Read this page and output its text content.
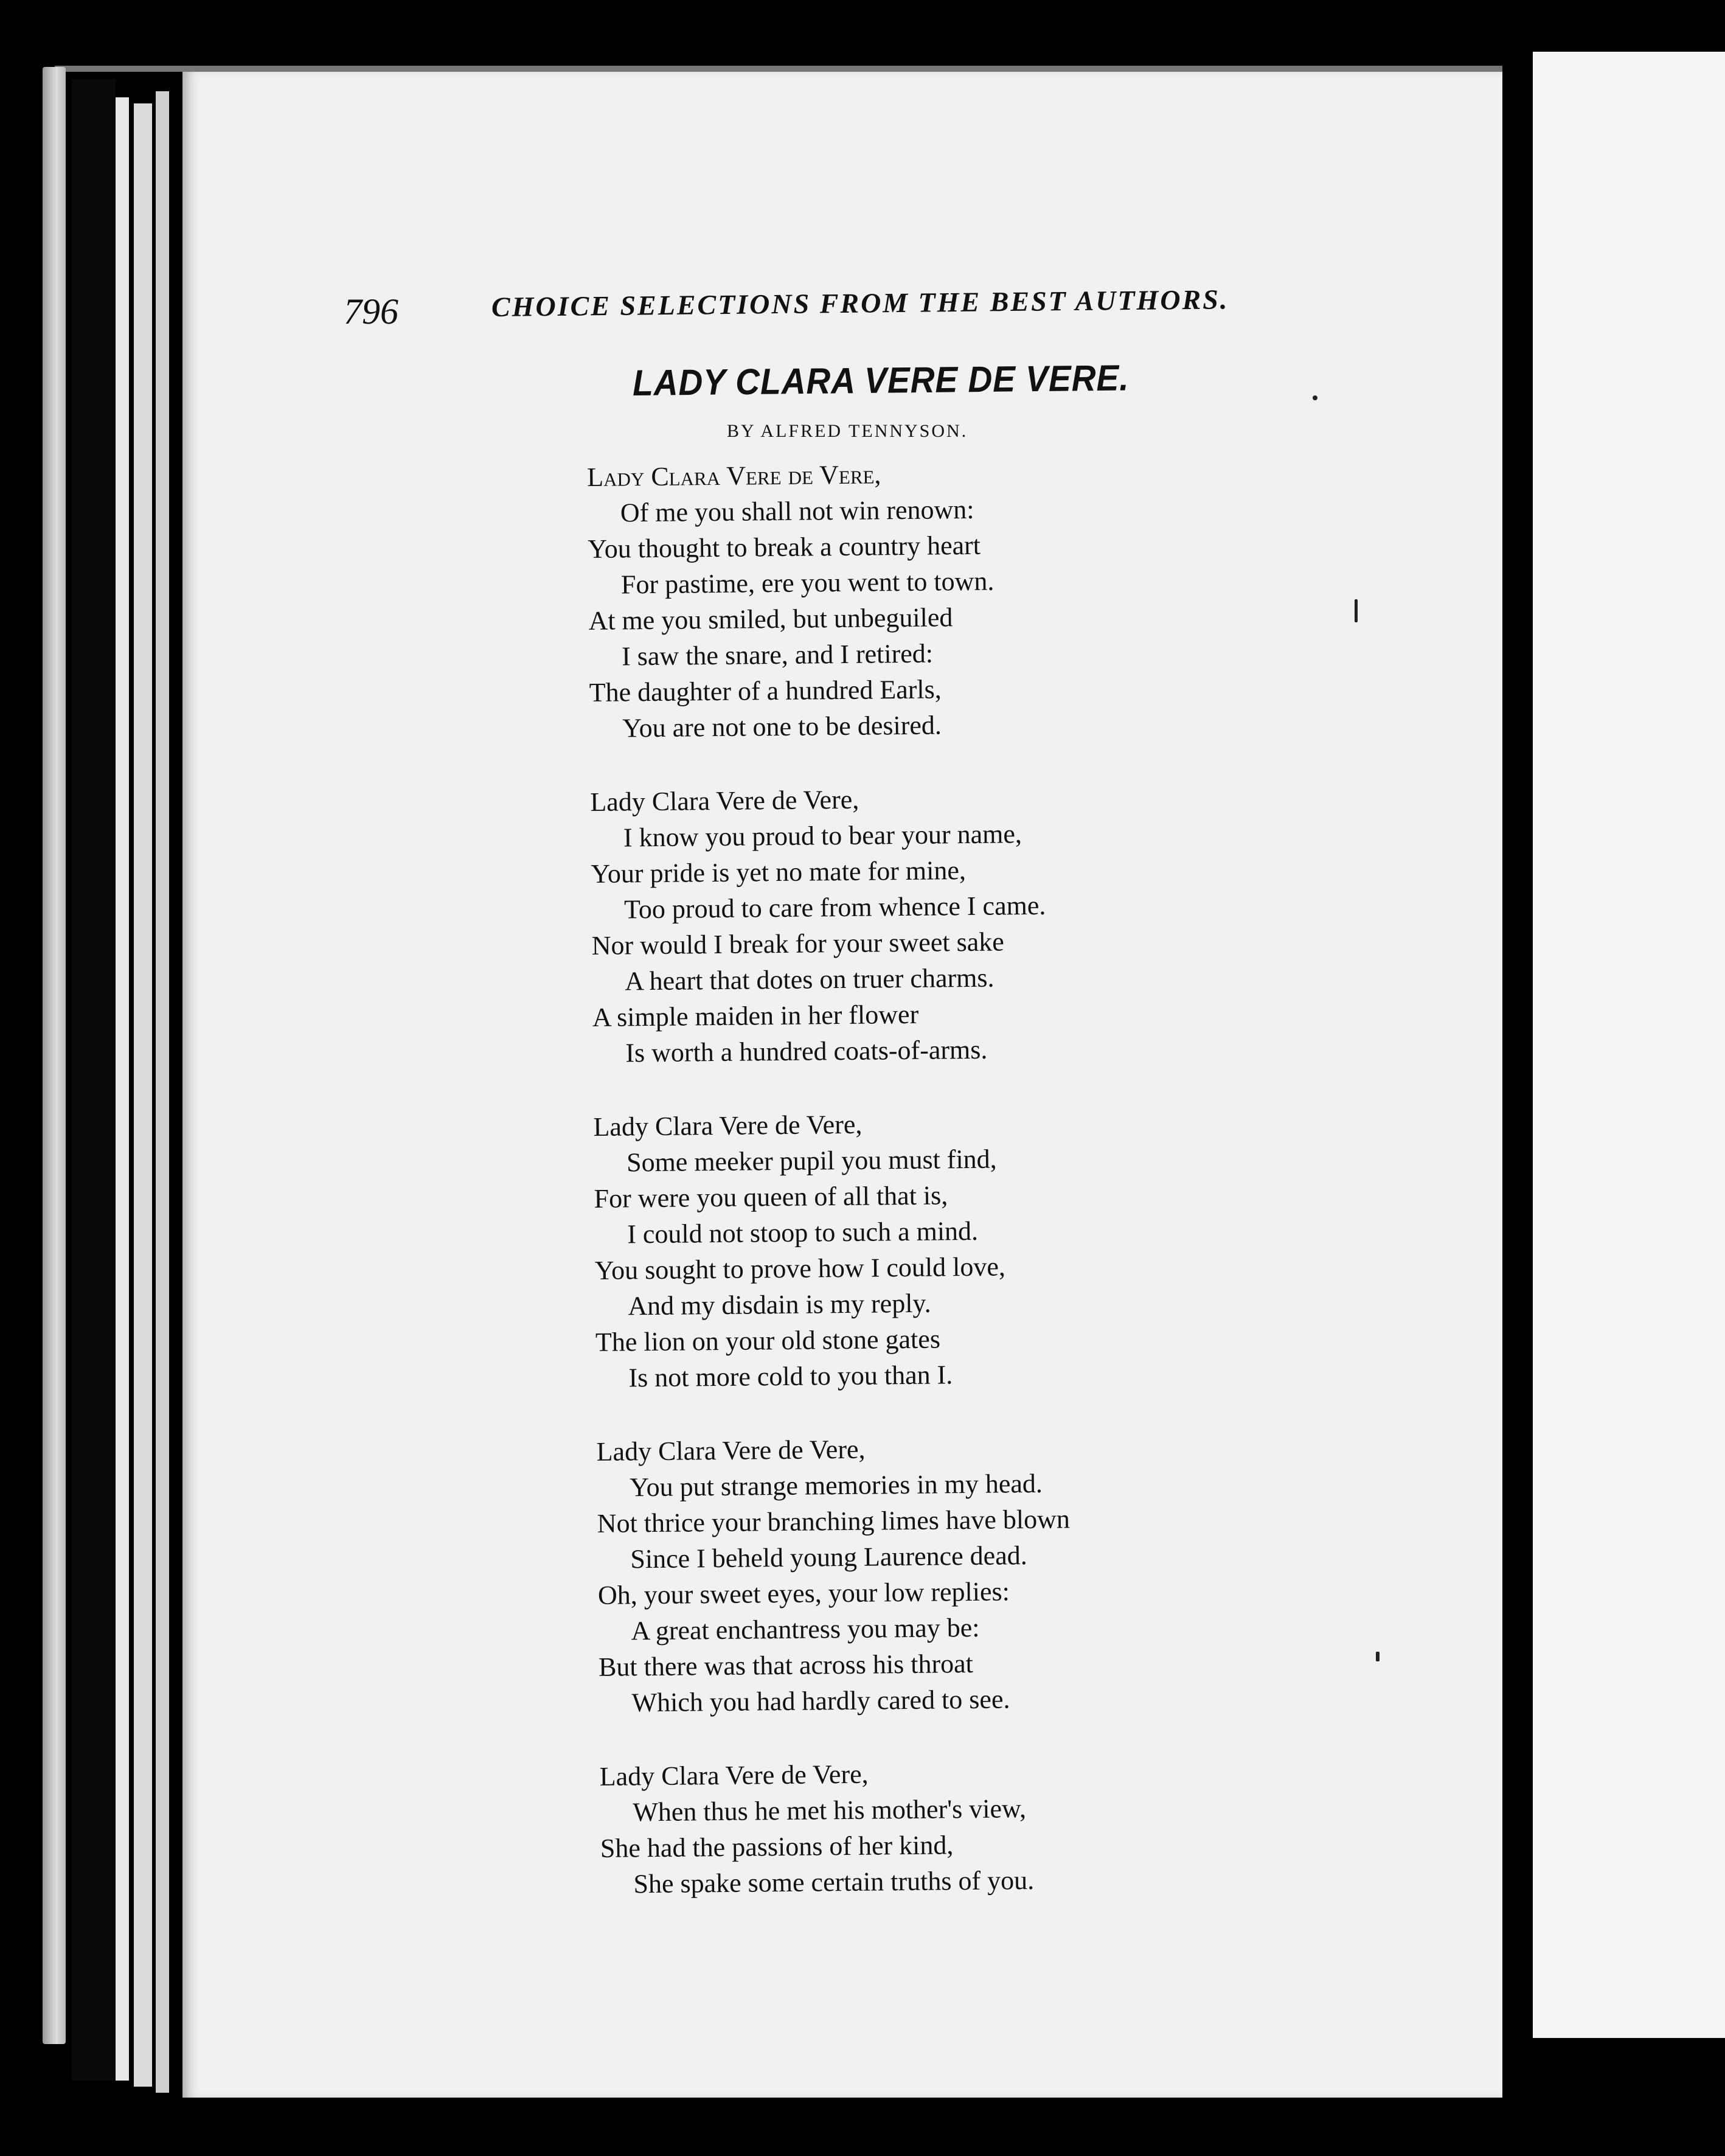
796	CHOICE SELECTIONS FROM THE BEST AUTHORS.
LADY CLARA VERE DE VERE.
BY ALFRED TENNYSON.
Lady Clara Vere de Vere,
Of me you shall not win renown:
You thought to break a country heart
For pastime, ere you went to town.
At me you smiled, but unbeguiled
I saw the snare, and I retired:
The daughter of a hundred Earls,
You are not one to be desired.
Lady Clara Vere de Vere,
I know you proud to bear your name,
Your pride is yet no mate for mine,
Too proud to care from whence I came.
Nor would I break for your sweet sake
A heart that dotes on truer charms.
A simple maiden in her flower
Is worth a hundred coats-of-arms.
Lady Clara Vere de Vere,
Some meeker pupil you must find,
For were you queen of all that is,
I could not stoop to such a mind.
You sought to prove how I could love,
And my disdain is my reply.
The lion on your old stone gates
Is not more cold to you than I.
Lady Clara Vere de Vere,
You put strange memories in my head.
Not thrice your branching limes have blown
Since I beheld young Laurence dead.
Oh, your sweet eyes, your low replies:
A great enchantress you may be:
But there was that across his throat
Which you had hardly cared to see.
Lady Clara Vere de Vere,
When thus he met his mother's view,
She had the passions of her kind,
She spake some certain truths of you.
